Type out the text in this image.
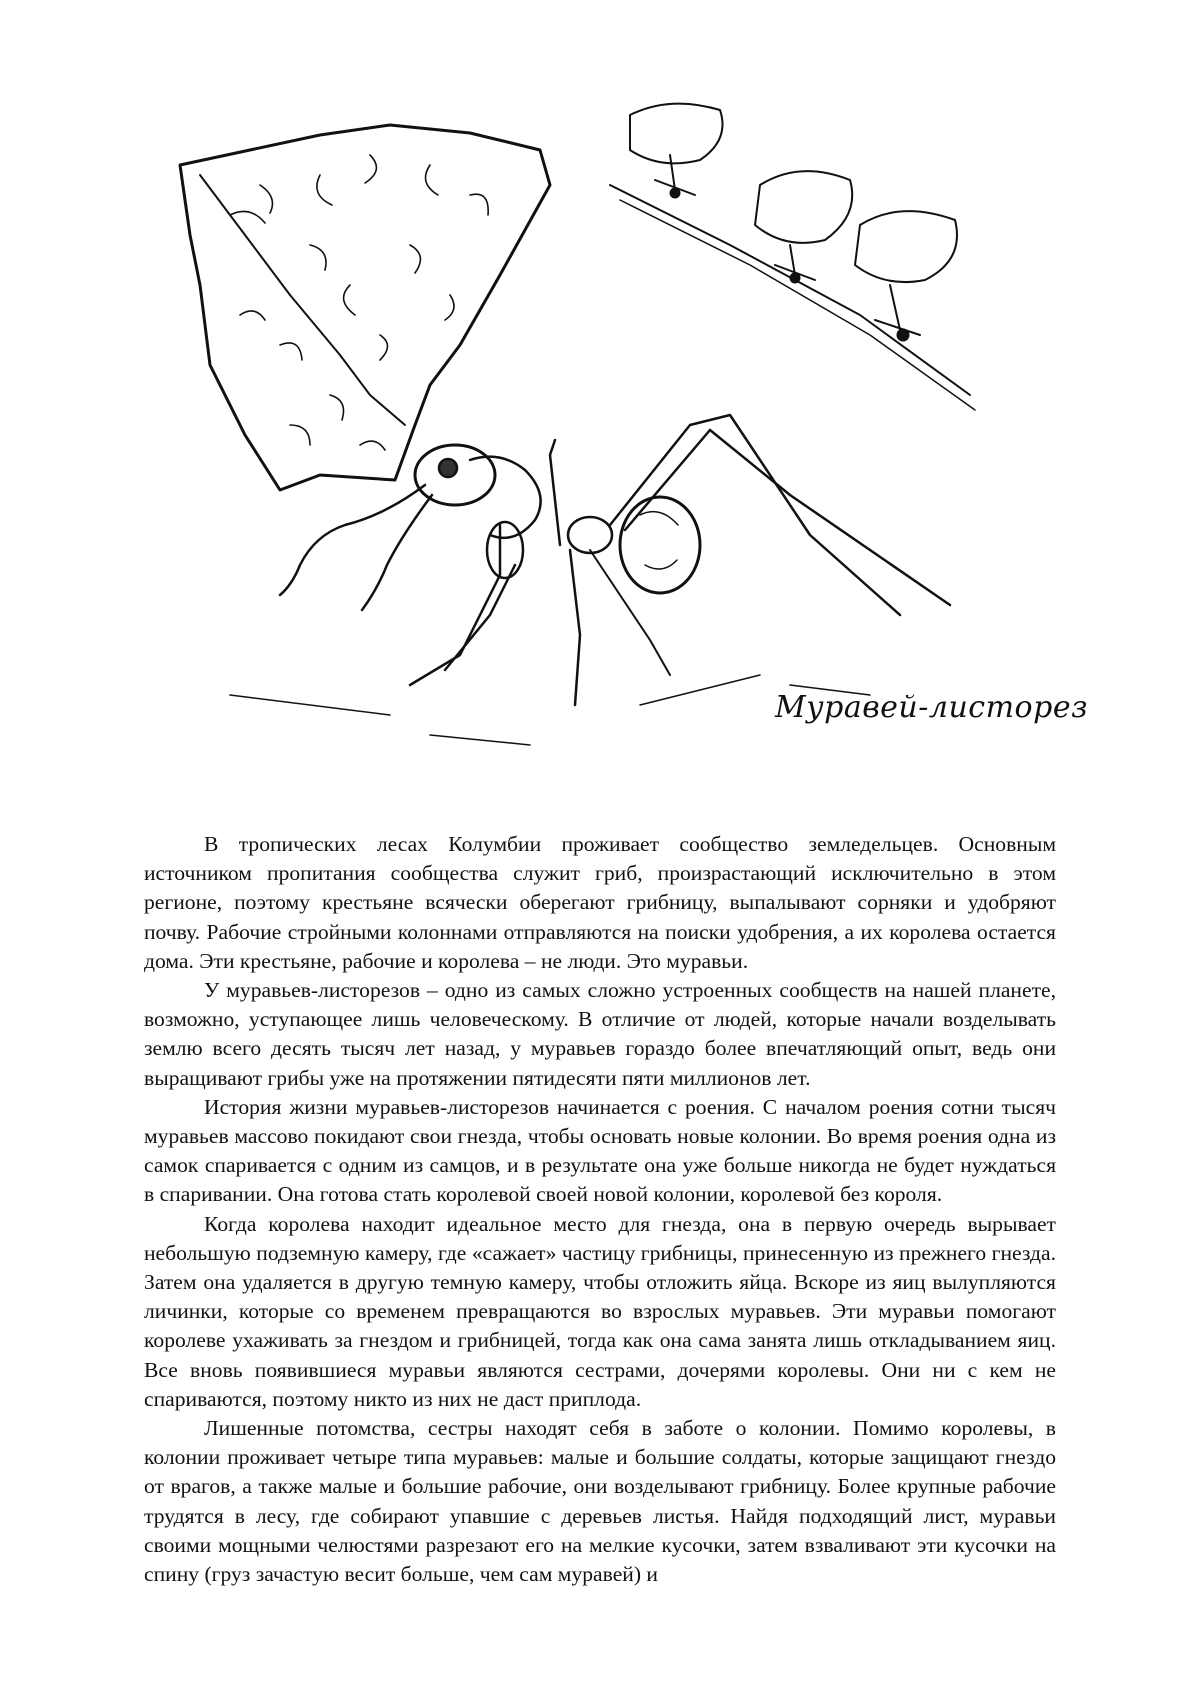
Муравей-листорез

В тропических лесах Колумбии проживает сообщество земледельцев. Основным источником пропитания сообщества служит гриб, произрастающий исключительно в этом регионе, поэтому крестьяне всячески оберегают грибницу, выпалывают сорняки и удобряют почву. Рабочие стройными колоннами отправляются на поиски удобрения, а их королева остается дома. Эти крестьяне, рабочие и королева – не люди. Это муравьи.

У муравьев-листорезов – одно из самых сложно устроенных сообществ на нашей планете, возможно, уступающее лишь человеческому. В отличие от людей, которые начали возделывать землю всего десять тысяч лет назад, у муравьев гораздо более впечатляющий опыт, ведь они выращивают грибы уже на протяжении пятидесяти пяти миллионов лет.

История жизни муравьев-листорезов начинается с роения. С началом роения сотни тысяч муравьев массово покидают свои гнезда, чтобы основать новые колонии. Во время роения одна из самок спаривается с одним из самцов, и в результате она уже больше никогда не будет нуждаться в спаривании. Она готова стать королевой своей новой колонии, королевой без короля.

Когда королева находит идеальное место для гнезда, она в первую очередь вырывает небольшую подземную камеру, где «сажает» частицу грибницы, принесенную из прежнего гнезда. Затем она удаляется в другую темную камеру, чтобы отложить яйца. Вскоре из яиц вылупляются личинки, которые со временем превращаются во взрослых муравьев. Эти муравьи помогают королеве ухаживать за гнездом и грибницей, тогда как она сама занята лишь откладыванием яиц. Все вновь появившиеся муравьи являются сестрами, дочерями королевы. Они ни с кем не спариваются, поэтому никто из них не даст приплода.

Лишенные потомства, сестры находят себя в заботе о колонии. Помимо королевы, в колонии проживает четыре типа муравьев: малые и большие солдаты, которые защищают гнездо от врагов, а также малые и большие рабочие, они возделывают грибницу. Более крупные рабочие трудятся в лесу, где собирают упавшие с деревьев листья. Найдя подходящий лист, муравьи своими мощными челюстями разрезают его на мелкие кусочки, затем взваливают эти кусочки на спину (груз зачастую весит больше, чем сам муравей) и
